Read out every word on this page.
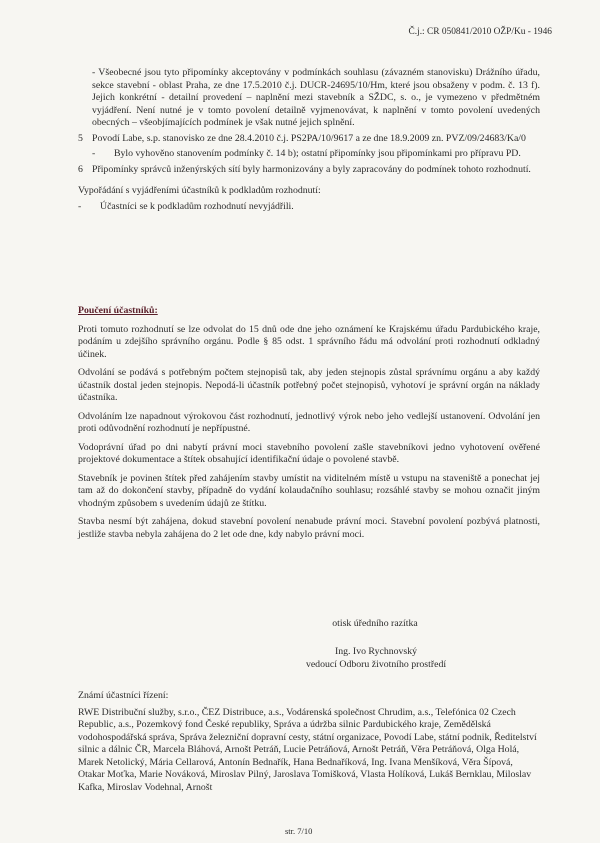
Č.j.: CR 050841/2010 OŽP/Ku - 1946

- Všeobecné jsou tyto připomínky akceptovány v podmínkách souhlasu (závazném stanovisku) Drážního úřadu, sekce stavební - oblast Praha, ze dne 17.5.2010 č.j. DUCR-24695/10/Hm, které jsou obsaženy v podm. č. 13 f). Jejich konkrétní - detailní provedení – naplnění mezi stavebník a SŽDC, s. o., je vymezeno v předmětném vyjádření. Není nutné je v tomto povolení detailně vyjmenovávat, k naplnění v tomto povolení uvedených obecných – všeobjímajících podmínek je však nutné jejich splnění.

5 Povodí Labe, s.p. stanovisko ze dne 28.4.2010 č.j. PS2PA/10/9617 a ze dne 18.9.2009 zn. PVZ/09/24683/Ka/0
-	Bylo vyhověno stanovením podmínky č. 14 b); ostatní připomínky jsou připomínkami pro přípravu PD.
6 Připomínky správců inženýrských sítí byly harmonizovány a byly zapracovány do podmínek tohoto rozhodnutí.

Vypořádání s vyjádřeními účastníků k podkladům rozhodnutí:

-	Účastníci se k podkladům rozhodnutí nevyjádřili.

Poučení účastníků:

Proti tomuto rozhodnutí se lze odvolat do 15 dnů ode dne jeho oznámení ke Krajskému úřadu Pardubického kraje, podáním u zdejšího správního orgánu. Podle § 85 odst. 1 správního řádu má odvolání proti rozhodnutí odkladný účinek.

Odvolání se podává s potřebným počtem stejnopisů tak, aby jeden stejnopis zůstal správnímu orgánu a aby každý účastník dostal jeden stejnopis. Nepodá-li účastník potřebný počet stejnopisů, vyhotoví je správní orgán na náklady účastníka.

Odvoláním lze napadnout výrokovou část rozhodnutí, jednotlivý výrok nebo jeho vedlejší ustanovení. Odvolání jen proti odůvodnění rozhodnutí je nepřípustné.

Vodoprávní úřad po dni nabytí právní moci stavebního povolení zašle stavebníkovi jedno vyhotovení ověřené projektové dokumentace a štítek obsahující identifikační údaje o povolené stavbě.

Stavebník je povinen štítek před zahájením stavby umístit na viditelném místě u vstupu na staveniště a ponechat jej tam až do dokončení stavby, případně do vydání kolaudačního souhlasu; rozsáhlé stavby se mohou označit jiným vhodným způsobem s uvedením údajů ze štítku.

Stavba nesmí být zahájena, dokud stavební povolení nenabude právní moci. Stavební povolení pozbývá platnosti, jestliže stavba nebyla zahájena do 2 let ode dne, kdy nabylo právní moci.

otisk úředního razítka
Ing. Ivo Rychnovský
vedoucí Odboru životního prostředí

Známí účastníci řízení:

RWE Distribuční služby, s.r.o., ČEZ Distribuce, a.s., Vodárenská společnost Chrudim, a.s., Telefónica 02 Czech Republic, a.s., Pozemkový fond České republiky, Správa a údržba silnic Pardubického kraje, Zemědělská vodohospodářská správa, Správa železniční dopravní cesty, státní organizace, Povodí Labe, státní podnik, Ředitelství silnic a dálnic ČR, Marcela Bláhová, Arnošt Petráň, Lucie Petráňová, Arnošt Petráň, Věra Petráňová, Olga Holá, Marek Netolický, Mária Cellarová, Antonín Bednařík, Hana Bednaříková, Ing. Ivana Menšíková, Věra Šípová, Otakar Moťka, Marie Nováková, Miroslav Pilný, Jaroslava Tomišková, Vlasta Holíková, Lukáš Bernklau, Miloslav Kafka, Miroslav Vodehnal, Arnošt

str. 7/10
